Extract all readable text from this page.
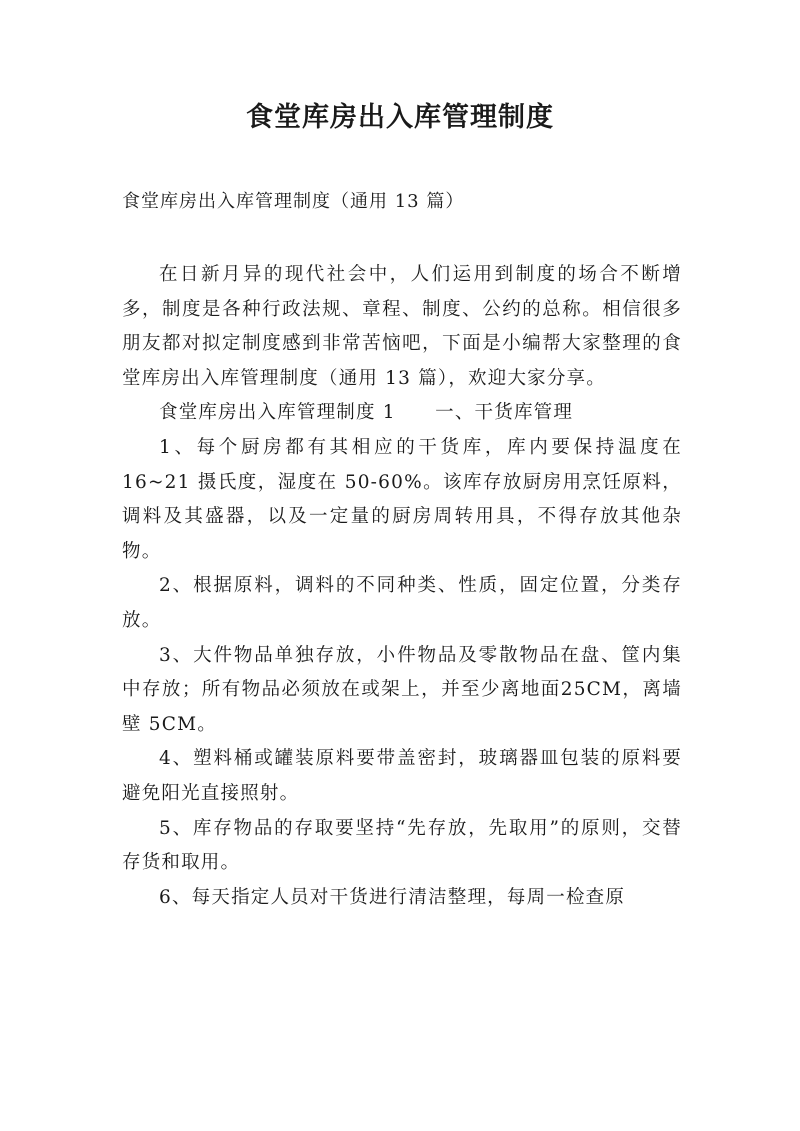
食堂库房出入库管理制度
食堂库房出入库管理制度（通用 13 篇）

在日新月异的现代社会中，人们运用到制度的场合不断增多，制度是各种行政法规、章程、制度、公约的总称。相信很多朋友都对拟定制度感到非常苦恼吧，下面是小编帮大家整理的食堂库房出入库管理制度（通用 13 篇），欢迎大家分享。

食堂库房出入库管理制度 1　　一、干货库管理

1、每个厨房都有其相应的干货库，库内要保持温度在16~21 摄氏度，湿度在 50-60%。该库存放厨房用烹饪原料，调料及其盛器，以及一定量的厨房周转用具，不得存放其他杂物。

2、根据原料，调料的不同种类、性质，固定位置，分类存放。

3、大件物品单独存放，小件物品及零散物品在盘、筐内集中存放；所有物品必须放在或架上，并至少离地面25CM，离墙壁 5CM。

4、塑料桶或罐装原料要带盖密封，玻璃器皿包装的原料要避免阳光直接照射。

5、库存物品的存取要坚持“先存放，先取用”的原则，交替存货和取用。

6、每天指定人员对干货进行清洁整理，每周一检查原
